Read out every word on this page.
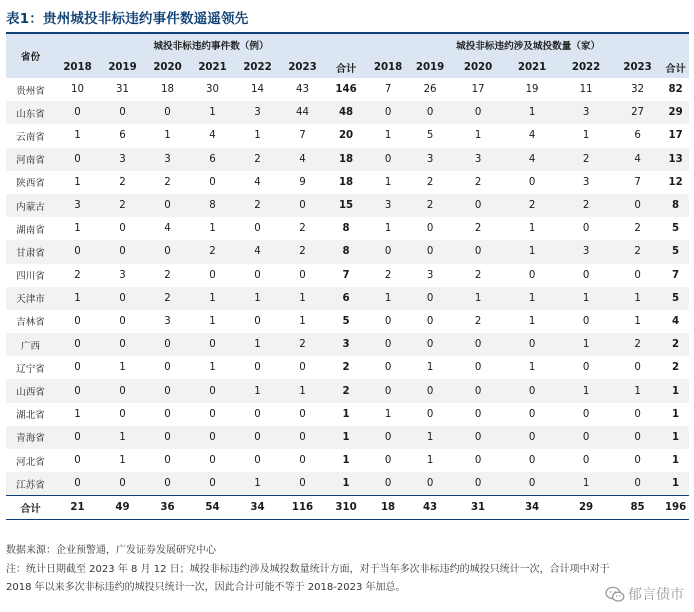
表1：贵州城投非标违约事件数遥遥领先
省份	城投非标违约事件数（例）							城投非标违约涉及城投数量（家）						
	2018	2019	2020	2021	2022	2023	合计	2018	2019	2020	2021	2022	2023	合计
贵州省	10	31	18	30	14	43	146	7	26	17	19	11	32	82
山东省	0	0	0	1	3	44	48	0	0	0	1	3	27	29
云南省	1	6	1	4	1	7	20	1	5	1	4	1	6	17
河南省	0	3	3	6	2	4	18	0	3	3	4	2	4	13
陕西省	1	2	2	0	4	9	18	1	2	2	0	3	7	12
内蒙古	3	2	0	8	2	0	15	3	2	0	2	2	0	8
湖南省	1	0	4	1	0	2	8	1	0	2	1	0	2	5
甘肃省	0	0	0	2	4	2	8	0	0	0	1	3	2	5
四川省	2	3	2	0	0	0	7	2	3	2	0	0	0	7
天津市	1	0	2	1	1	1	6	1	0	1	1	1	1	5
吉林省	0	0	3	1	0	1	5	0	0	2	1	0	1	4
广西	0	0	0	0	1	2	3	0	0	0	0	1	2	2
辽宁省	0	1	0	1	0	0	2	0	1	0	1	0	0	2
山西省	0	0	0	0	1	1	2	0	0	0	0	1	1	1
湖北省	1	0	0	0	0	0	1	1	0	0	0	0	0	1
青海省	0	1	0	0	0	0	1	0	1	0	0	0	0	1
河北省	0	1	0	0	0	0	1	0	1	0	0	0	0	1
江苏省	0	0	0	0	1	0	1	0	0	0	0	1	0	1
合计	21	49	36	54	34	116	310	18	43	31	34	29	85	196
数据来源：企业预警通，广发证券发展研究中心
注：统计日期截至 2023 年 8 月 12 日；城投非标违约涉及城投数量统计方面，对于当年多次非标违约的城投只统计一次，合计项中对于
2018 年以来多次非标违约的城投只统计一次，因此合计可能不等于 2018-2023 年加总。	郁言债市
